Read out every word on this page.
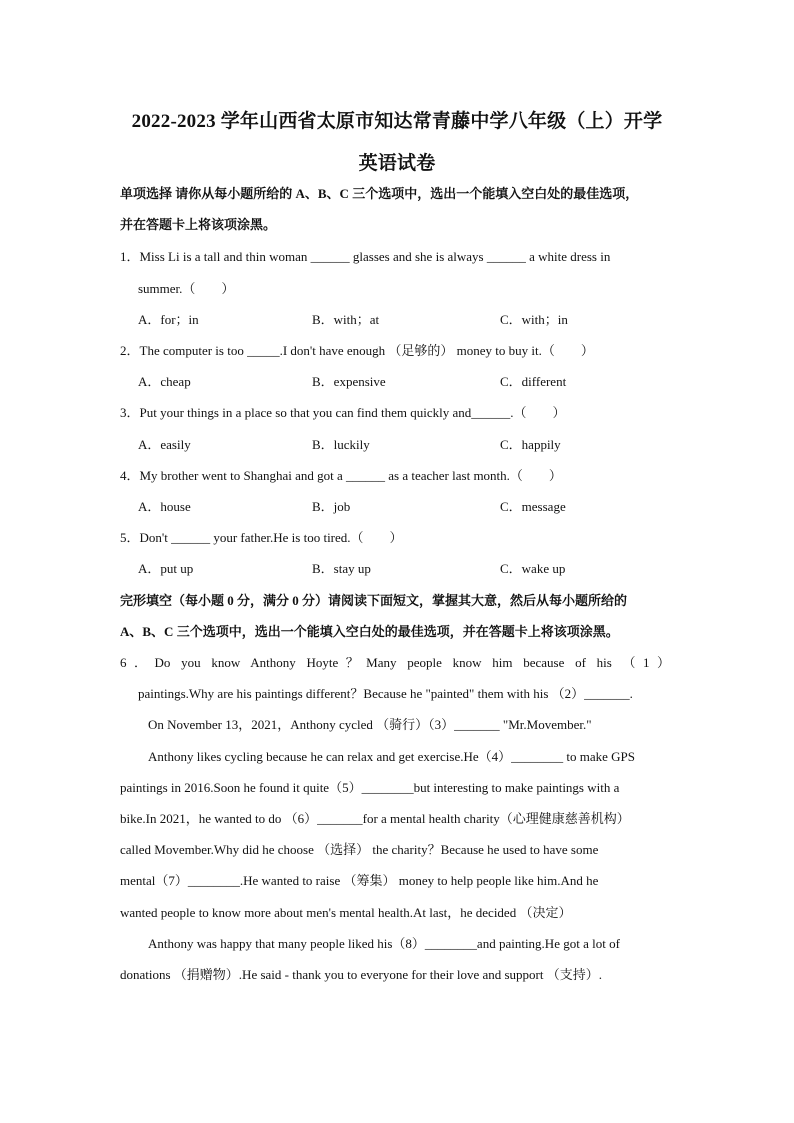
2022-2023 学年山西省太原市知达常青藤中学八年级（上）开学
英语试卷
单项选择 请你从每小题所给的 A、B、C 三个选项中，选出一个能填入空白处的最佳选项，
并在答题卡上将该项涂黑。
1．Miss Li is a tall and thin woman ______ glasses and she is always ______ a white dress in
summer.（　　）
A．for；in	B．with；at	C．with；in
2．The computer is too _____.I don't have enough （足够的） money to buy it.（　　）
A．cheap	B．expensive	C．different
3．Put your things in a place so that you can find them quickly and______.（　　）
A．easily	B．luckily	C．happily
4．My brother went to Shanghai and got a ______ as a teacher last month.（　　）
A．house	B．job	C．message
5．Don't ______ your father.He is too tired.（　　）
A．put up	B．stay up	C．wake up
完形填空（每小题 0 分，满分 0 分）请阅读下面短文，掌握其大意，然后从每小题所给的
A、B、C 三个选项中，选出一个能填入空白处的最佳选项，并在答题卡上将该项涂黑。
6．Do you know Anthony Hoyte？Many people know him because of his （1）
paintings.Why are his paintings different？Because he "painted" them with his （2）_______.
On November 13，2021，Anthony cycled （骑行）（3）_______ "Mr.Movember."
Anthony likes cycling because he can relax and get exercise.He（4）________ to make GPS
paintings in 2016.Soon he found it quite（5）________but interesting to make paintings with a
bike.In 2021，he wanted to do （6）_______for a mental health charity（心理健康慈善机构）
called Movember.Why did he choose （选择） the charity？Because he used to have some
mental（7）________.He wanted to raise （筹集） money to help people like him.And he
wanted people to know more about men's mental health.At last，he decided （决定）
Anthony was happy that many people liked his（8）________and painting.He got a lot of
donations （捐赠物）.He said - thank you to everyone for their love and support （支持）.
